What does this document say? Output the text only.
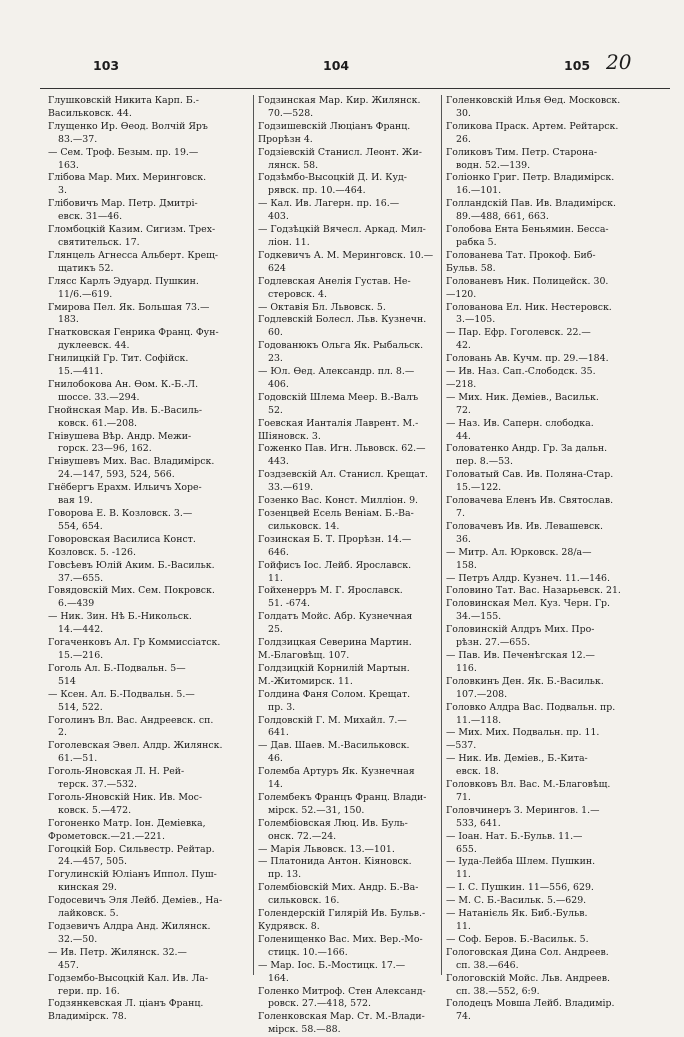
103	104	105 20
Глушковскій Никита Карп. Б.-
Васильковск. 44.
Глущенко Ир. Өеод. Волчій Яръ
83.—37.
— Сем. Троф. Безым. пр. 19.—
163.
Глібова Мар. Мих. Меринговск.
3.
Глібовичъ Мар. Петр. Дмитрі-
евск. 31—46.
Гломбоцкій Казим. Сигизм. Трех-
святительск. 17.
Глянцель Агнесса Альберт. Крещ-
щатикъ 52.
Глясс Карлъ Эдуард. Пушкин.
11/6.—619.
Гмирова Пел. Як. Большая 73.—
183.
Гнатковская Генрика Франц. Фун-
дуклеевск. 44.
Гнилицкій Гр. Тит. Софійск.
15.—411.
Гнилобокова Ан. Өом. К.-Б.-Л.
шоссе. 33.—294.
Гнойнская Мар. Ив. Б.-Василь-
ковск. 61.—208.
Гнівушева Вѣр. Андр. Межи-
горск. 23—96, 162.
Гнівушевъ Мих. Вас. Владимірск.
24.—147, 593, 524, 566.
Гнёбергъ Ерахм. Ильичъ Хоре-
вая 19.
Говорова Е. В. Козловск. 3.—
554, 654.
Говоровская Василиса Конст.
Козловск. 5. -126.
Говсѣевъ Юлій Аким. Б.-Васильк.
37.—655.
Говядовскій Мих. Сем. Покровск.
6.—439
— Ник. Зин. Нѣ Б.-Никольск.
14.—442.
Гогаченковъ Ал. Гр Коммиссіатск.
15.—216.
Гоголь Ал. Б.-Подвальн. 5—
514
— Ксен. Ал. Б.-Подвальн. 5.—
514, 522.
Гоголинъ Вл. Вас. Андреевск. сп.
2.
Гоголевская Эвел. Алдр. Жилянск.
61.—51.
Гоголь-Яновская Л. Н. Рей-
терск. 37.—532.
Гоголь-Яновскій Ник. Ив. Мос-
ковск. 5.—472.
Гогоненко Матр. Іон. Деміевка,
Фрометовск.—21.—221.
Гогоцкій Бор. Сильвестр. Рейтар.
24.—457, 505.
Гогулинскій Юліанъ Иппол. Пуш-
кинская 29.
Годосевичъ Эля Лейб. Деміев., На-
лайковск. 5.
Годзевичъ Алдра Анд. Жилянск.
32.—50.
— Ив. Петр. Жилянск. 32.—
457.
Годзембо-Высоцкій Кал. Ив. Ла-
гери. пр. 16.
Годзянкевская Л. ціанъ Франц.
Владимірск. 78.
Годзинская Мар. Кир. Жилянск.
70.—528.
Годзишевскій Люціанъ Франц.
Прорѣзн 4.
Годзіевскій Станисл. Леонт. Жи-
лянск. 58.
Годзѣмбо-Высоцкій Д. И. Куд-
рявск. пр. 10.—464.
— Кал. Ив. Лагерн. пр. 16.—
403.
— Годзѣцкій Вячесл. Аркад. Мил-
ліон. 11.
Годкевичъ А. М. Меринговск. 10.—
624
Годлевская Анелія Густав. Не-
стеровск. 4.
— Октавія Бл. Львовск. 5.
Годлевскій Болесл. Льв. Кузнечн.
60.
Годованюкъ Ольга Як. Рыбальск.
23.
— Юл. Өед. Александр. пл. 8.—
406.
Годовскій Шлема Меер. В.-Валъ
52.
Гоевская Ианталія Лаврент. М.-
Шіяновск. 3.
Гоженко Пав. Игн. Львовск. 62.—
443.
Гоздзевскій Ал. Станисл. Крещат.
33.—619.
Гозенко Вас. Конст. Милліон. 9.
Гозенцвей Есель Веніам. Б.-Ва-
сильковск. 14.
Гозинская Б. Т. Прорѣзн. 14.—
646.
Гойфисъ Іос. Лейб. Ярославск.
11.
Гойхенерръ М. Г. Ярославск.
51. -674.
Голдатъ Мойс. Абр. Кузнечная
25.
Голдзицкая Северина Мартин.
М.-Благовѣщ. 107.
Голдзицкій Корнилій Мартын.
М.-Житомирск. 11.
Голдина Фаня Солом. Крещат.
пр. 3.
Голдовскій Г. М. Михайл. 7.—
641.
— Дав. Шаев. М.-Васильковск.
46.
Големба Артуръ Як. Кузнечная
14.
Голембекъ Францъ Франц. Влади-
мірск. 52.—31, 150.
Голембіовская Люц. Ив. Буль-
онск. 72.—24.
— Марія Львовск. 13.—101.
— Платонида Антон. Кіяновск.
пр. 13.
Голембіовскій Мих. Андр. Б.-Ва-
сильковск. 16.
Голендерскій Гилярій Ив. Бульв.-
Кудрявск. 8.
Голенищенко Вас. Мих. Вер.-Мо-
стицк. 10.—166.
— Мар. Іос. Б.-Мостицк. 17.—
164.
Голенко Митроф. Стен Александ-
ровск. 27.—418, 572.
Голенковская Мар. Ст. М.-Влади-
мірск. 58.—88.
Голенковскій Илья Өед. Московск.
30.
Голикова Праск. Артем. Рейтарск.
26.
Голиковъ Тим. Петр. Старона-
водн. 52.—139.
Голіонко Григ. Петр. Владимірск.
16.—101.
Голландскій Пав. Ив. Владимірск.
89.—488, 661, 663.
Голобова Ента Беньямин. Бесса-
рабка 5.
Голованева Тат. Прокоф. Биб-
Бульв. 58.
Голованевъ Ник. Полицейск. 30.
—120.
Голованова Ел. Ник. Нестеровск.
3.—105.
— Пар. Ефр. Гоголевск. 22.—
42.
Головань Ав. Кучм. пр. 29.—184.
— Ив. Наз. Сап.-Слободск. 35.
—218.
— Мих. Ник. Деміев., Васильк.
72.
— Наз. Ив. Саперн. слободка.
44.
Головатенко Андр. Гр. За дальн.
пер. 8.—53.
Головатый Сав. Ив. Поляна-Стар.
15.—122.
Головачева Еленъ Ив. Святослав.
7.
Головачевъ Ив. Ив. Левашевск.
36.
— Митр. Ал. Юрковск. 28/а—
158.
— Петръ Алдр. Кузнеч. 11.—146.
Головино Тат. Вас. Назарьевск. 21.
Головинская Мел. Куз. Черн. Гр.
34.—155.
Головинскій Алдръ Мих. Про-
рѣзн. 27.—655.
— Пав. Ив. Печенѣгская 12.—
116.
Головкинъ Ден. Як. Б.-Васильк.
107.—208.
Головко Алдра Вас. Подвальн. пр.
11.—118.
— Мих. Мих. Подвальн. пр. 11.
—537.
— Ник. Ив. Деміев., Б.-Кита-
евск. 18.
Головковъ Вл. Вас. М.-Благовѣщ.
71.
Головчинеръ З. Мерингов. 1.—
533, 641.
— Іоан. Нат. Б.-Бульв. 11.—
655.
— Іуда-Лейба Шлем. Пушкин.
11.
— І. С. Пушкин. 11—556, 629.
— М. С. Б.-Васильк. 5.—629.
— Натанієль Як. Биб.-Бульв.
11.
— Соф. Беров. Б.-Васильк. 5.
Гологовская Дина Сол. Андреев.
сп. 38.—646.
Гологовскій Мойс. Льв. Андреев.
сп. 38.—552, 6:9.
Голодецъ Мовша Лейб. Владимір.
74.
